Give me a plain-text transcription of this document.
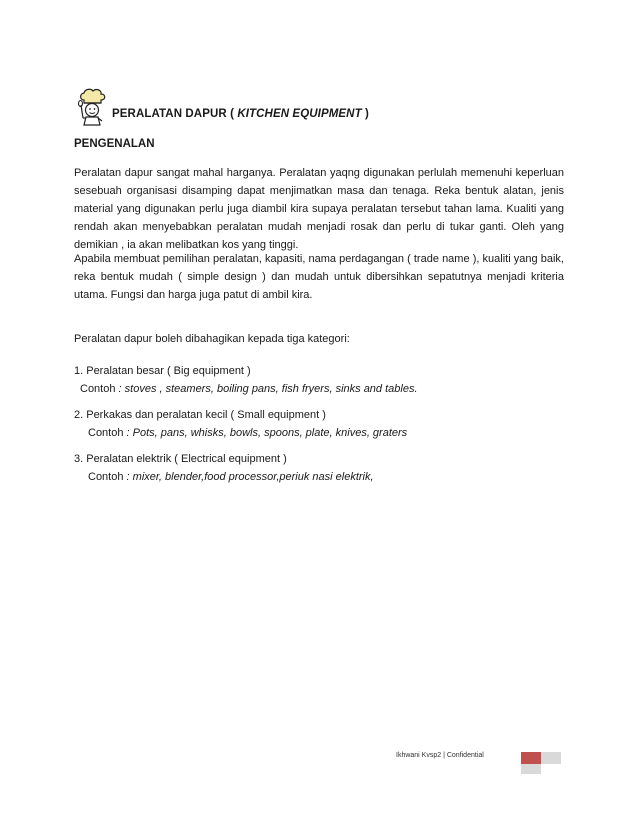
PERALATAN DAPUR ( KITCHEN EQUIPMENT )
PENGENALAN
Peralatan dapur sangat mahal harganya. Peralatan yaqng digunakan perlulah memenuhi keperluan sesebuah organisasi disamping dapat menjimatkan masa dan tenaga. Reka bentuk alatan, jenis material yang digunakan perlu juga diambil kira supaya peralatan tersebut tahan lama. Kualiti yang rendah akan menyebabkan peralatan mudah menjadi rosak dan perlu di tukar ganti. Oleh yang demikian , ia akan melibatkan kos yang tinggi.
Apabila membuat pemilihan peralatan, kapasiti, nama perdagangan ( trade name ), kualiti yang baik, reka bentuk mudah ( simple design ) dan mudah untuk dibersihkan sepatutnya menjadi kriteria utama. Fungsi dan harga juga patut di ambil kira.
Peralatan dapur boleh dibahagikan kepada tiga kategori:
1. Peralatan besar ( Big equipment )
Contoh : stoves , steamers, boiling pans, fish fryers, sinks and tables.
2. Perkakas dan peralatan kecil ( Small equipment )
Contoh : Pots, pans, whisks, bowls, spoons, plate, knives, graters
3. Peralatan elektrik ( Electrical equipment )
Contoh : mixer, blender,food processor,periuk nasi elektrik,
Ikhwani Kvsp2 | Confidential
